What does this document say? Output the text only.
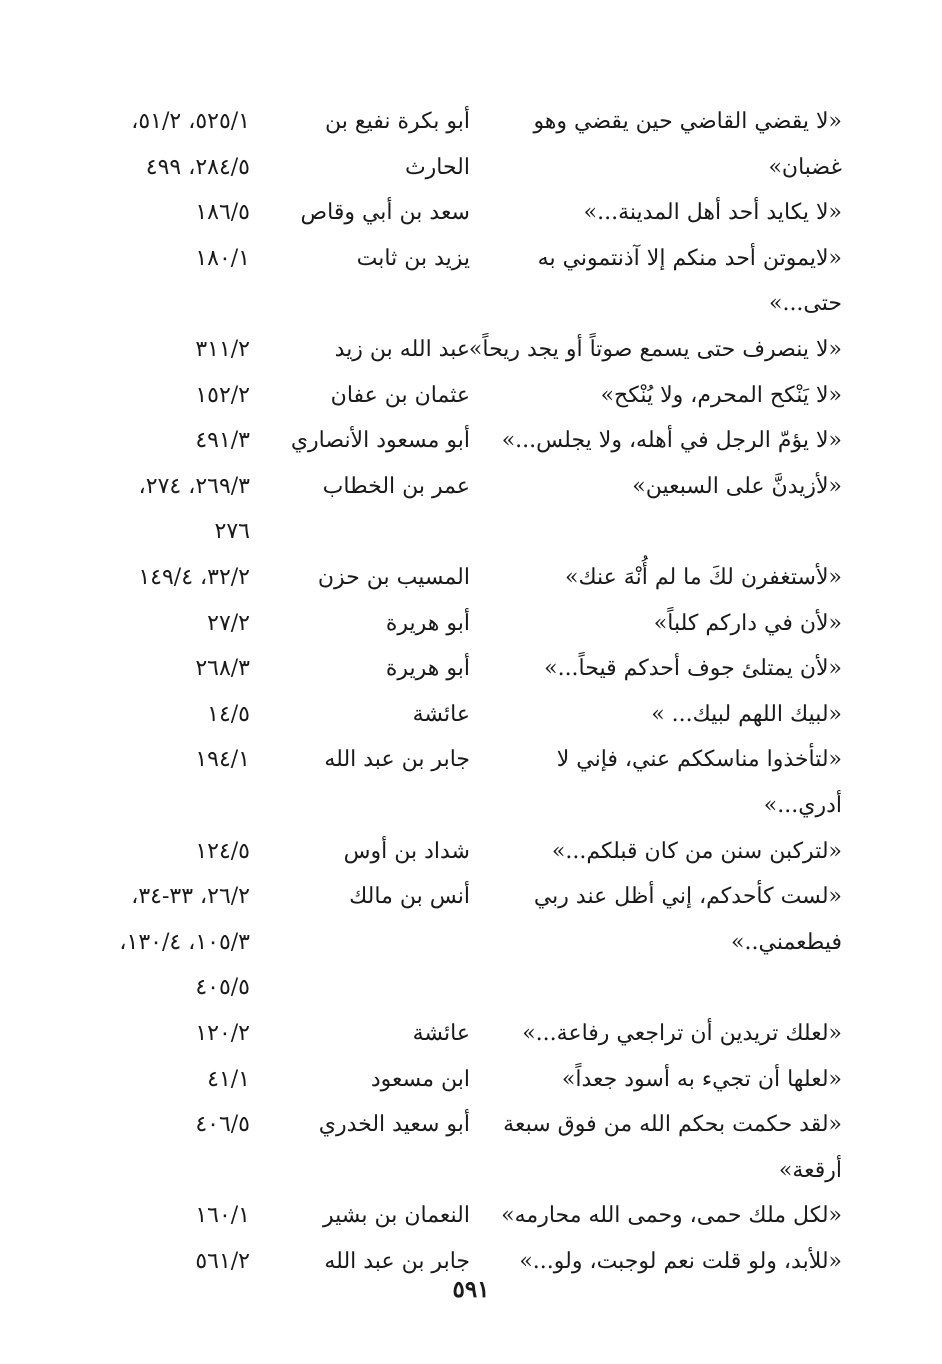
«لا يقضي القاضي حين يقضي وهو
أبو بكرة نفيع بن
٥٢٥/١، ٥١/٢،
غضبان»
الحارث
٢٨٤/٥، ٤٩٩
«لا يكايد أحد أهل المدينة...»
سعد بن أبي وقاص
١٨٦/٥
«لايموتن أحد منكم إلا آذنتموني به
يزيد بن ثابت
١٨٠/١
حتى...»
«لا ينصرف حتى يسمع صوتاً أو يجد ريحاً»
عبد الله بن زيد
٣١١/٢
«لا يَنْكح المحرم، ولا يُنْكح»
عثمان بن عفان
١٥٢/٢
«لا يؤمّ الرجل في أهله، ولا يجلس...»
أبو مسعود الأنصاري
٤٩١/٣
«لأزيدنَّ على السبعين»
عمر بن الخطاب
٢٦٩/٣، ٢٧٤،
٢٧٦
«لأستغفرن لكَ ما لم أُنْهَ عنك»
المسيب بن حزن
٣٢/٢، ١٤٩/٤
«لأن في داركم كلباً»
أبو هريرة
٢٧/٢
«لأن يمتلئ جوف أحدكم قيحاً...»
أبو هريرة
٢٦٨/٣
«لبيك اللهم لبيك... »
عائشة
١٤/٥
«لتأخذوا مناسككم عني، فإني لا
جابر بن عبد الله
١٩٤/١
أدري...»
«لتركبن سنن من كان قبلكم...»
شداد بن أوس
١٢٤/٥
«لست كأحدكم، إني أظل عند ربي
أنس بن مالك
٢٦/٢، ٣٣-٣٤،
فيطعمني..»
١٠٥/٣، ١٣٠/٤،
٤٠٥/٥
«لعلك تريدين أن تراجعي رفاعة...»
عائشة
١٢٠/٢
«لعلها أن تجيء به أسود جعداً»
ابن مسعود
٤١/١
«لقد حكمت بحكم الله من فوق سبعة
أبو سعيد الخدري
٤٠٦/٥
أرقعة»
«لكل ملك حمى، وحمى الله محارمه»
النعمان بن بشير
١٦٠/١
«للأبد، ولو قلت نعم لوجبت، ولو...»
جابر بن عبد الله
٥٦١/٢
٥٩١
